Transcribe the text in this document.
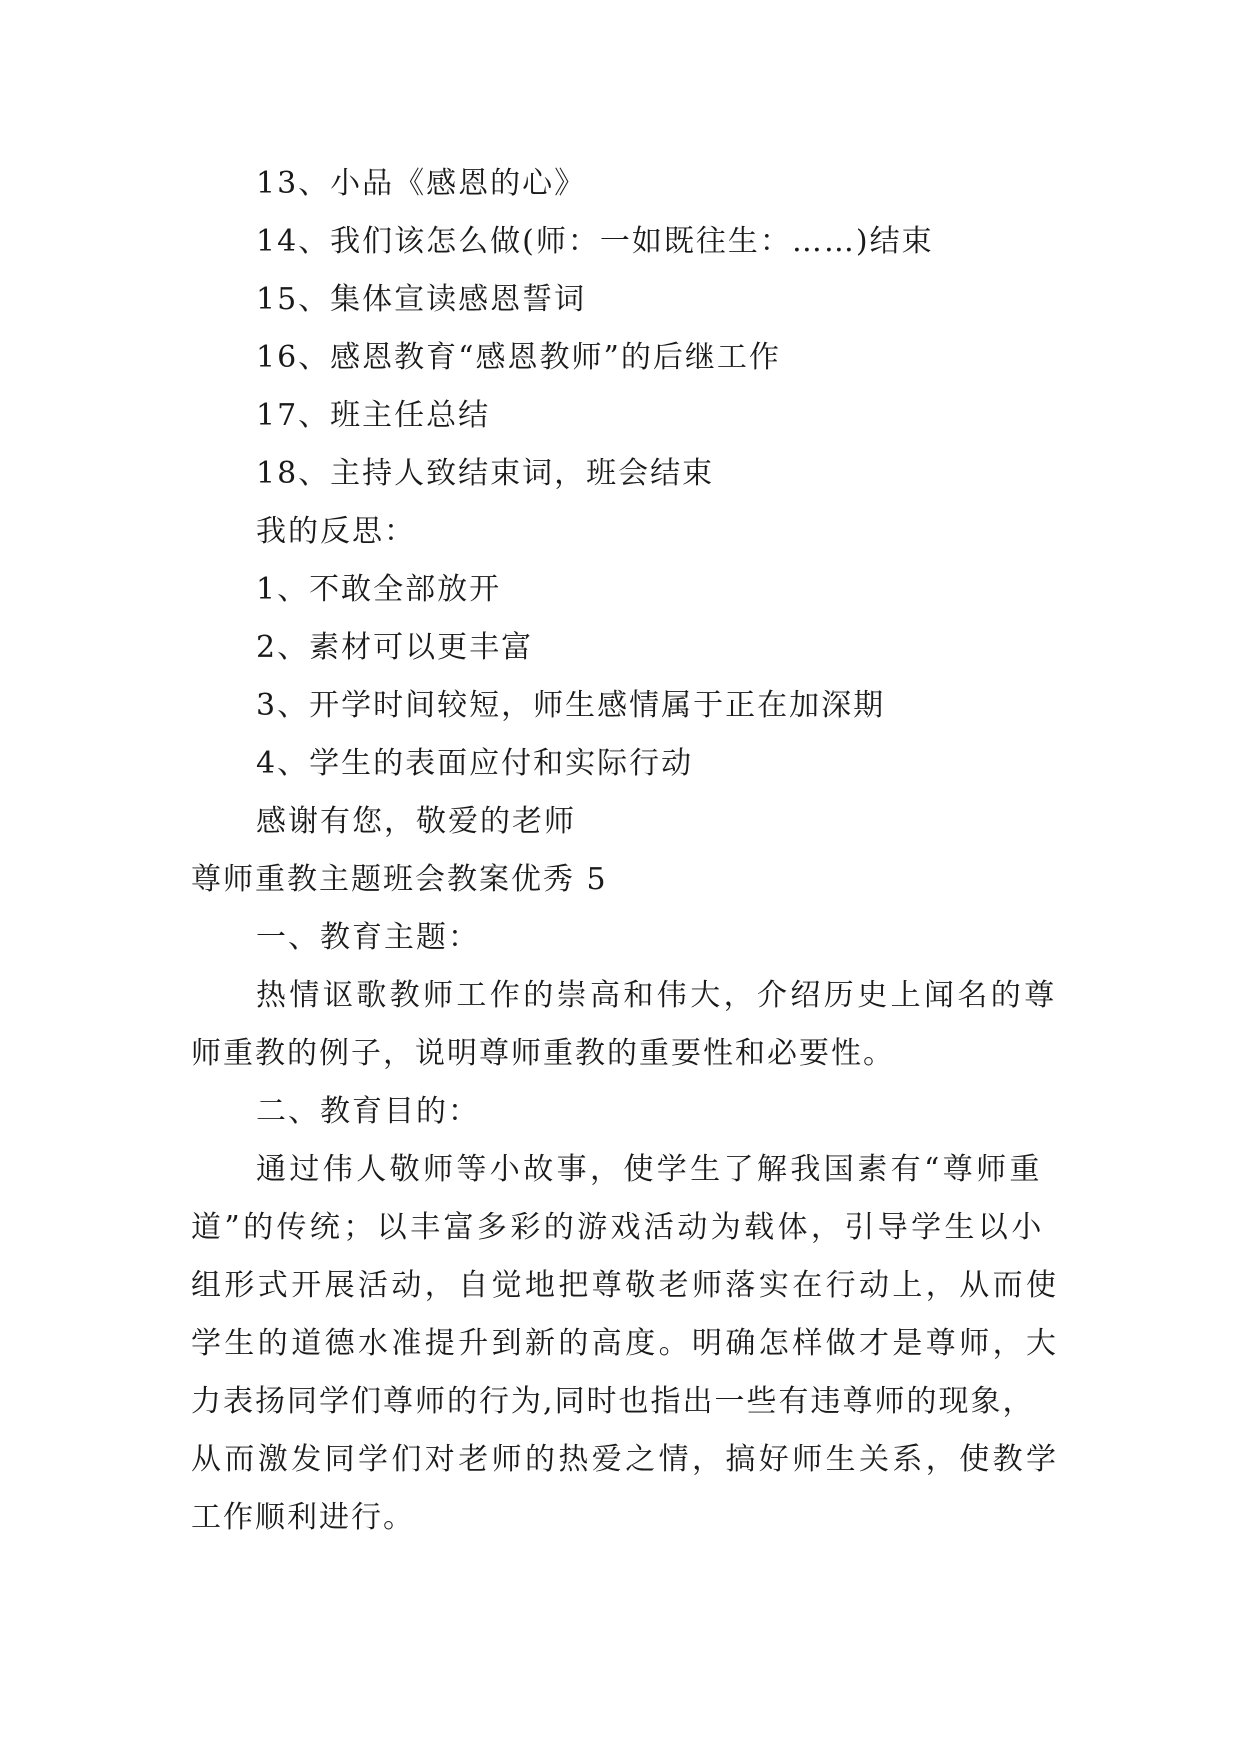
13、小品《感恩的心》
14、我们该怎么做(师：一如既往生：……)结束
15、集体宣读感恩誓词
16、感恩教育“感恩教师”的后继工作
17、班主任总结
18、主持人致结束词，班会结束
我的反思：
1、不敢全部放开
2、素材可以更丰富
3、开学时间较短，师生感情属于正在加深期
4、学生的表面应付和实际行动
感谢有您，敬爱的老师
尊师重教主题班会教案优秀 5
一、教育主题：
热情讴歌教师工作的崇高和伟大，介绍历史上闻名的尊
师重教的例子，说明尊师重教的重要性和必要性。
二、教育目的：
通过伟人敬师等小故事，使学生了解我国素有“尊师重
道”的传统；以丰富多彩的游戏活动为载体，引导学生以小
组形式开展活动，自觉地把尊敬老师落实在行动上，从而使
学生的道德水准提升到新的高度。明确怎样做才是尊师，大
力表扬同学们尊师的行为,同时也指出一些有违尊师的现象，
从而激发同学们对老师的热爱之情，搞好师生关系，使教学
工作顺利进行。
